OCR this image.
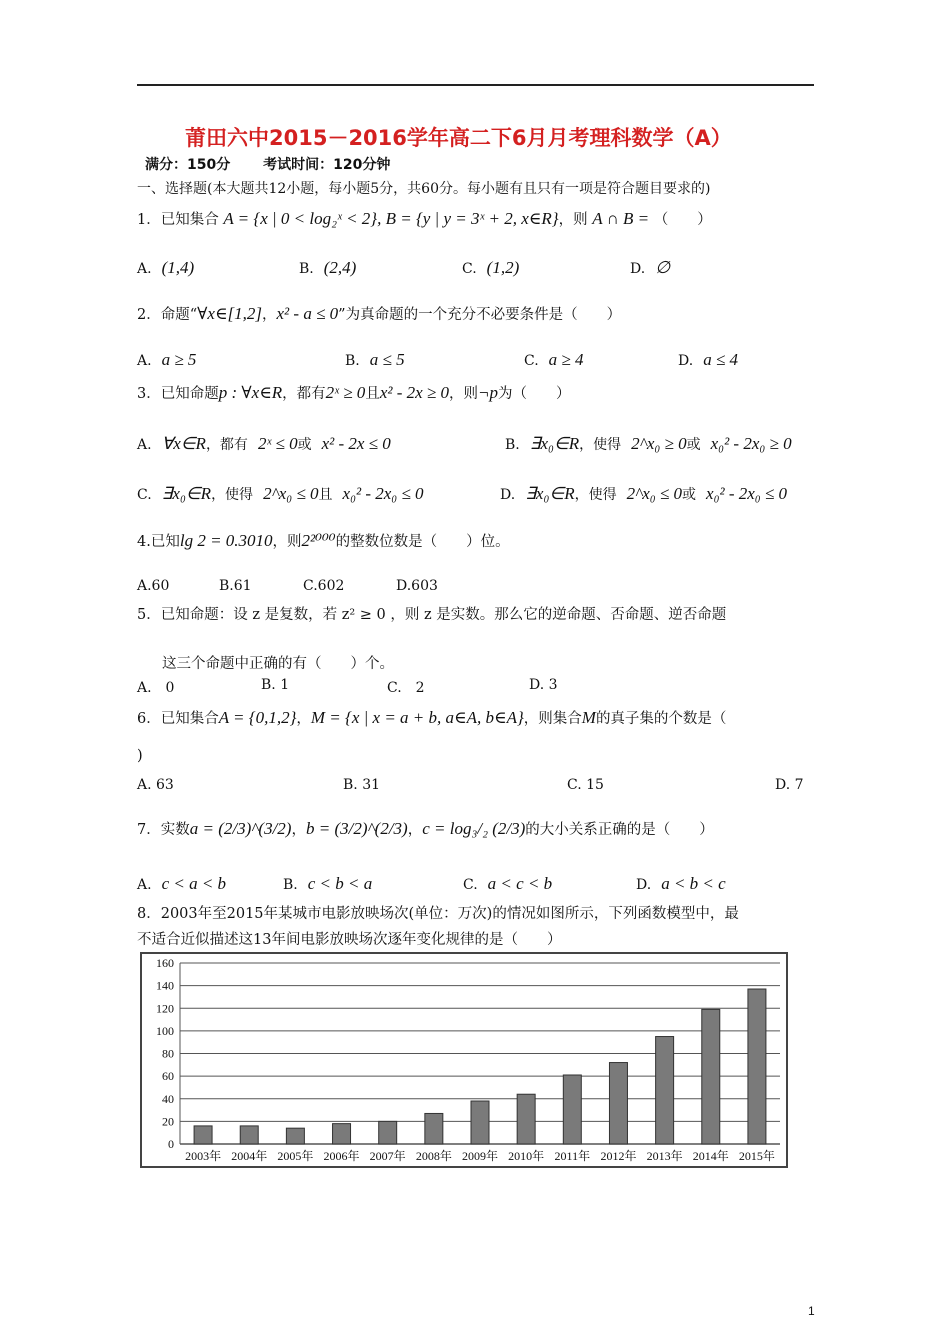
莆田六中2015－2016学年高二下6月月考理科数学（A）
满分：150分 考试时间：120分钟
一、选择题(本大题共12小题，每小题5分，共60分。每小题有且只有一项是符合题目要求的)
1．已知集合 A = {x | 0 < log₂ˣ < 2}, B = {y | y = 3ˣ + 2, x∈R}，则 A ∩ B = （　　）
A. (1,4)	B. (2,4)	C. (1,2)	D. ∅
2．命题“∀x∈[1,2]，x² - a ≤ 0”为真命题的一个充分不必要条件是（　　）
A. a ≥ 5	B. a ≤ 5	C. a ≥ 4	D. a ≤ 4
3．已知命题p : ∀x∈R，都有2ˣ ≥ 0且x² - 2x ≥ 0，则¬p为（　　）
A. ∀x∈R，都有 2ˣ ≤ 0或 x² - 2x ≤ 0	B. ∃x₀∈R，使得 2^x₀ ≥ 0或 x₀² - 2x₀ ≥ 0
C. ∃x₀∈R，使得 2^x₀ ≤ 0且 x₀² - 2x₀ ≤ 0	D. ∃x₀∈R，使得 2^x₀ ≤ 0或 x₀² - 2x₀ ≤ 0
4.已知lg 2 = 0.3010，则2²⁰⁰⁰的整数位数是（　　）位。
A.60	B.61	C.602	D.603
5．已知命题：设 z 是复数，若 z² ≥ 0 ，则 z 是实数。那么它的逆命题、否命题、逆否命题
这三个命题中正确的有（　　）个。
A.　0	B. 1	C.　2	D. 3
6．已知集合A = {0,1,2}，M = {x | x = a + b, a∈A, b∈A}，则集合M的真子集的个数是（
)
A. 63	B. 31	C. 15	D. 7
7．实数a = (2/3)^(3/2)，b = (3/2)^(2/3)，c = log₃/₂ (2/3)的大小关系正确的是（　　）
A. c < a < b	B. c < b < a	C. a < c < b	D. a < b < c
8．2003年至2015年某城市电影放映场次(单位：万次)的情况如图所示，下列函数模型中，最
不适合近似描述这13年间电影放映场次逐年变化规律的是（　　）
0
20
40
60
80
100
120
140
160
2003年 2004年 2005年 2006年 2007年 2008年 2009年 2010年 2011年 2012年 2013年 2014年 2015年
1
